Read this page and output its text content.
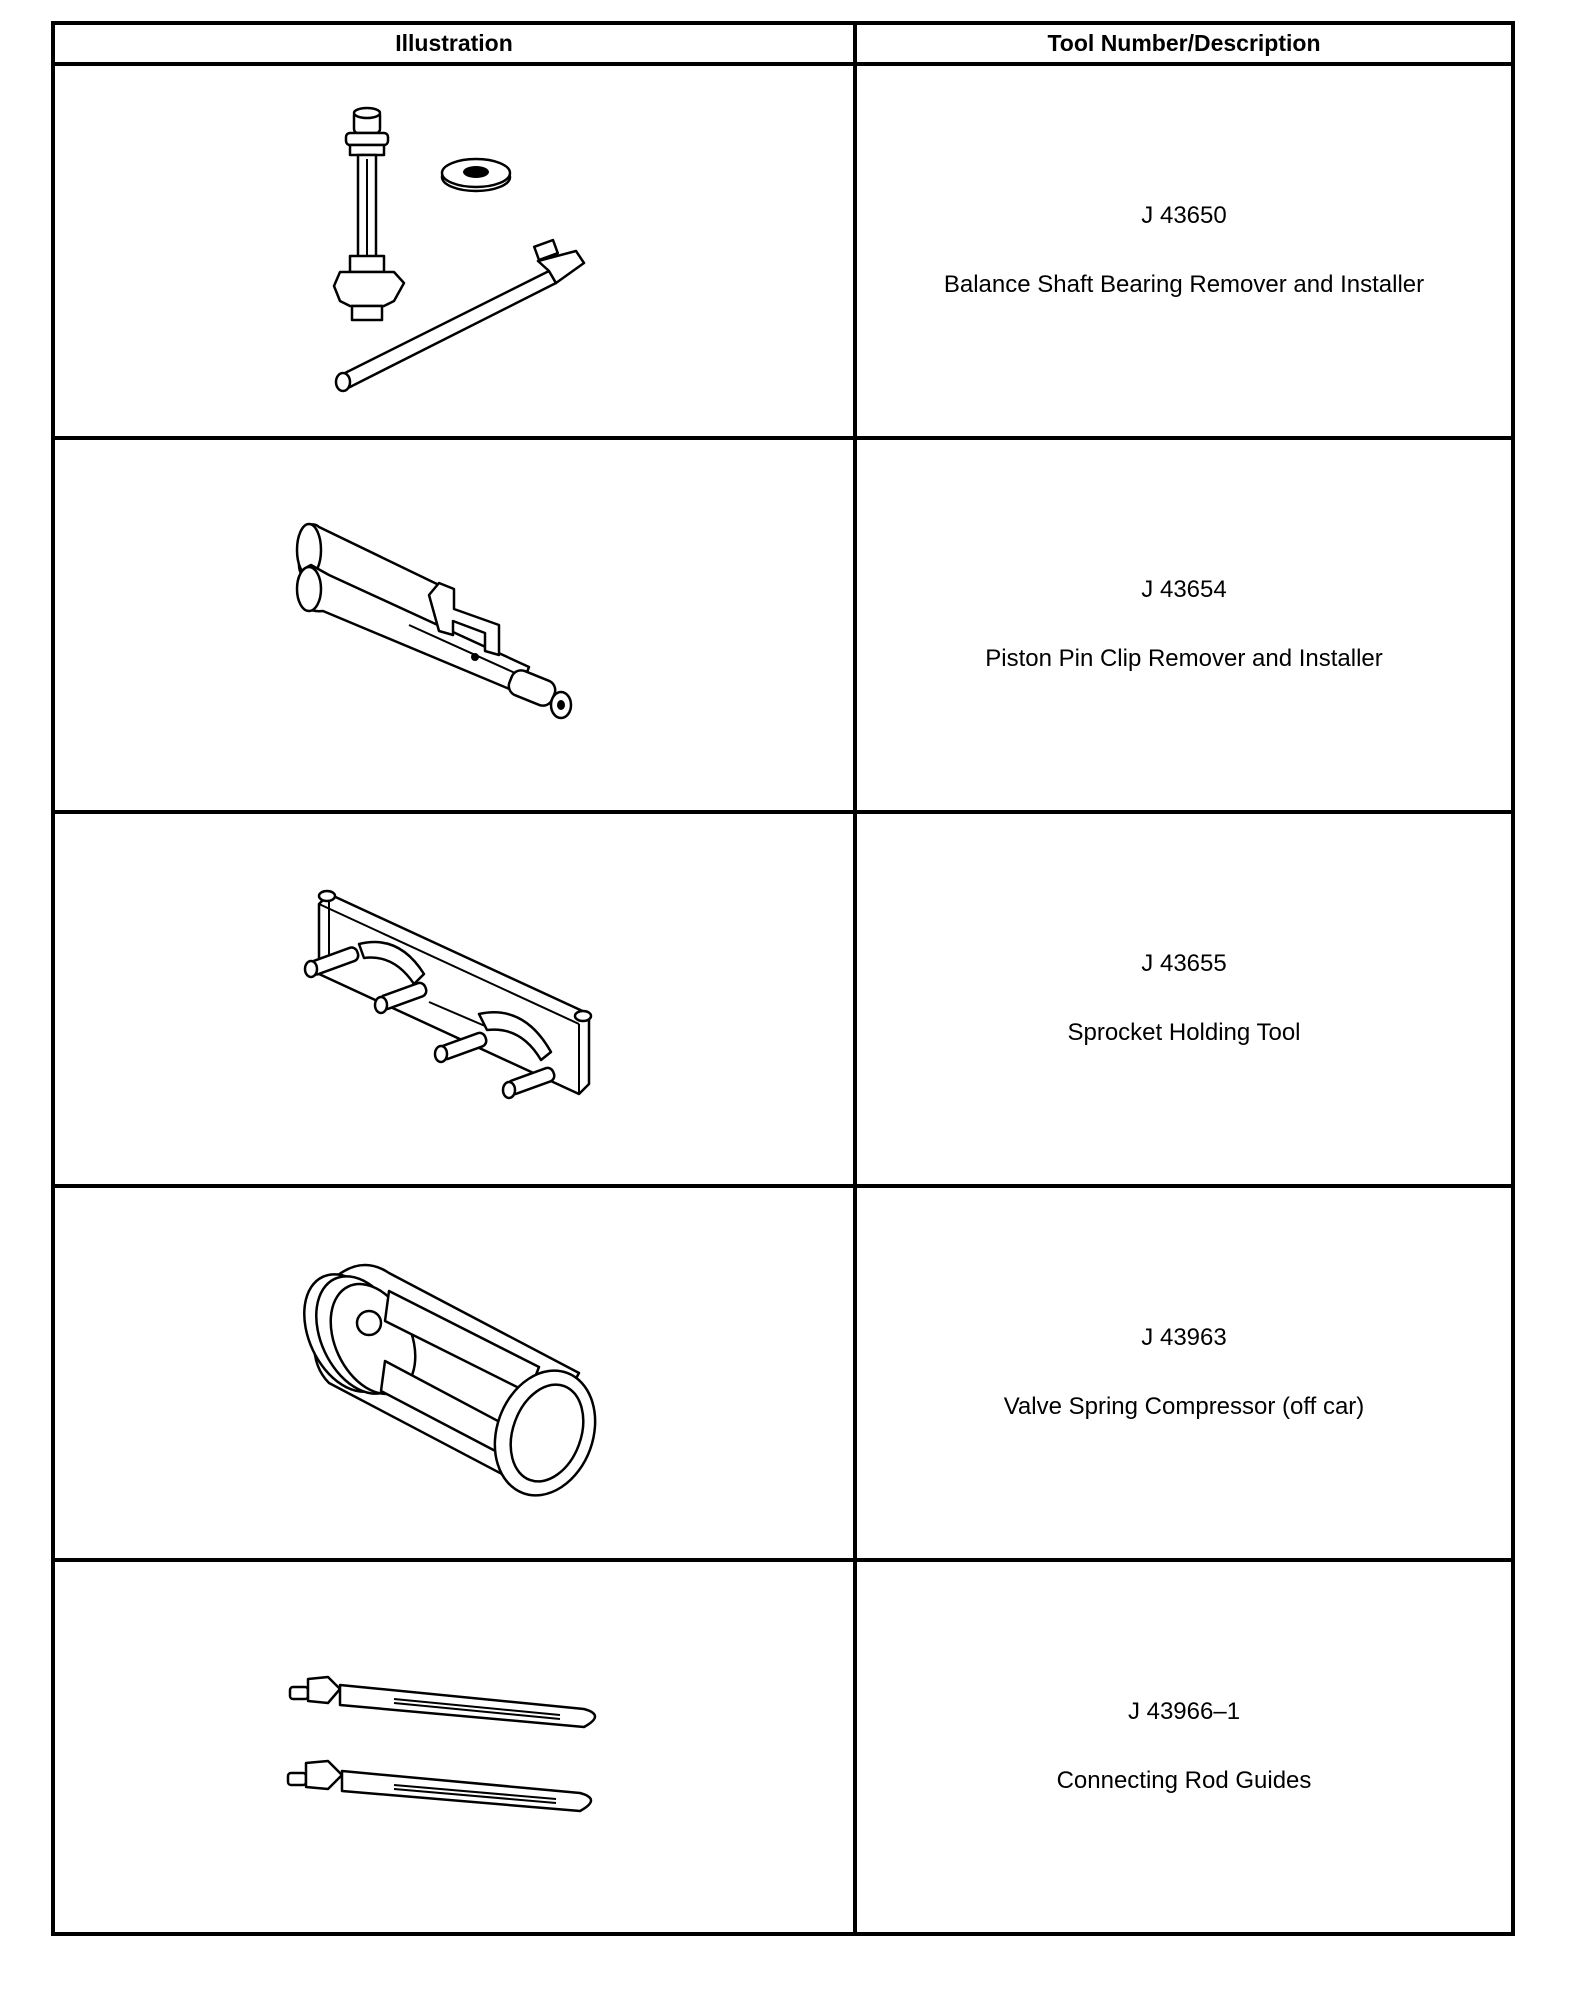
Illustration	Tool Number/Description

J 43650
Balance Shaft Bearing Remover and Installer

J 43654
Piston Pin Clip Remover and Installer

J 43655
Sprocket Holding Tool

J 43963
Valve Spring Compressor (off car)

J 43966–1
Connecting Rod Guides
